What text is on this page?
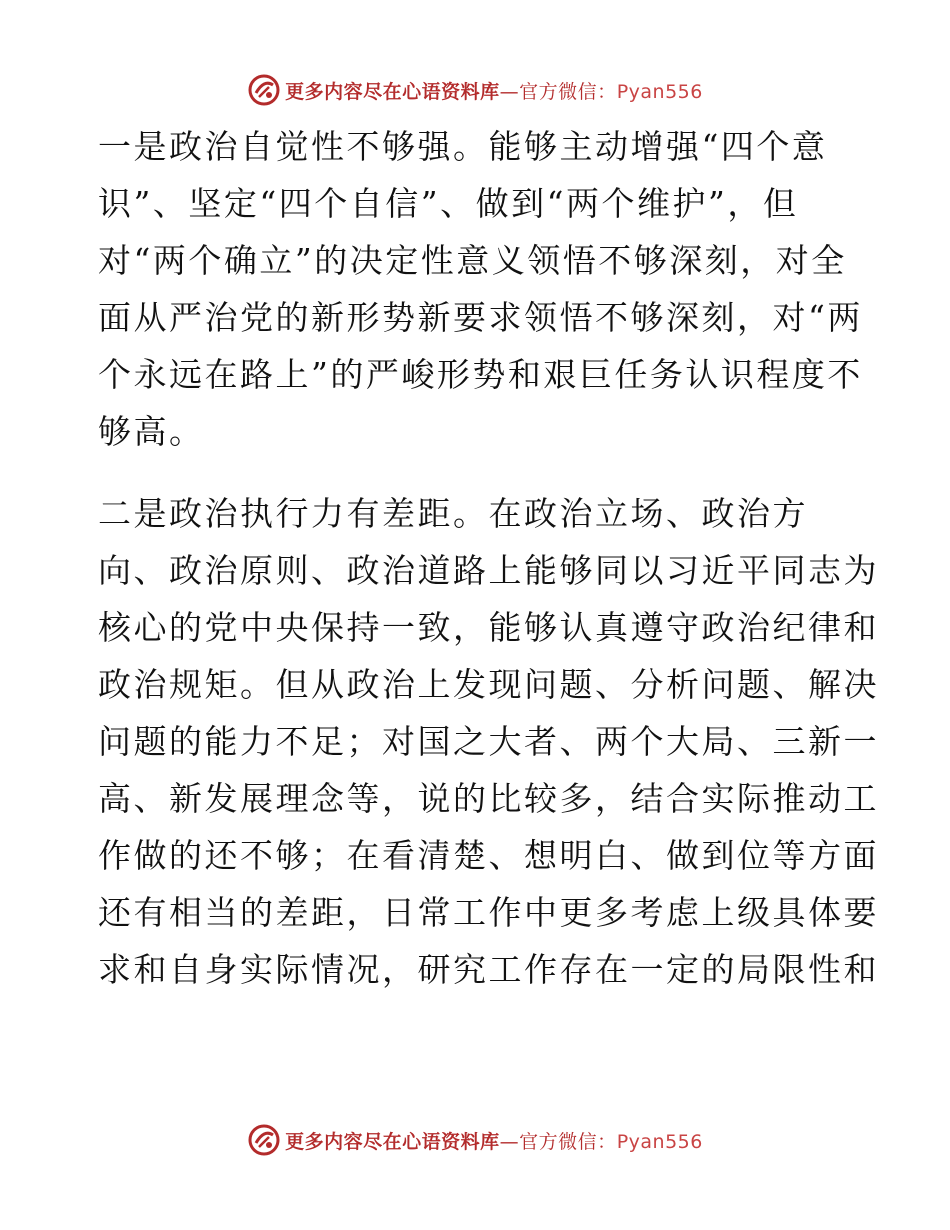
更多内容尽在心语资料库—官方微信：Pyan556
一是政治自觉性不够强。能够主动增强“四个意
识”、坚定“四个自信”、做到“两个维护”，但
对“两个确立”的决定性意义领悟不够深刻，对全
面从严治党的新形势新要求领悟不够深刻，对“两
个永远在路上”的严峻形势和艰巨任务认识程度不
够高。
二是政治执行力有差距。在政治立场、政治方
向、政治原则、政治道路上能够同以习近平同志为
核心的党中央保持一致，能够认真遵守政治纪律和
政治规矩。但从政治上发现问题、分析问题、解决
问题的能力不足；对国之大者、两个大局、三新一
高、新发展理念等，说的比较多，结合实际推动工
作做的还不够；在看清楚、想明白、做到位等方面
还有相当的差距，日常工作中更多考虑上级具体要
求和自身实际情况，研究工作存在一定的局限性和
更多内容尽在心语资料库—官方微信：Pyan556
